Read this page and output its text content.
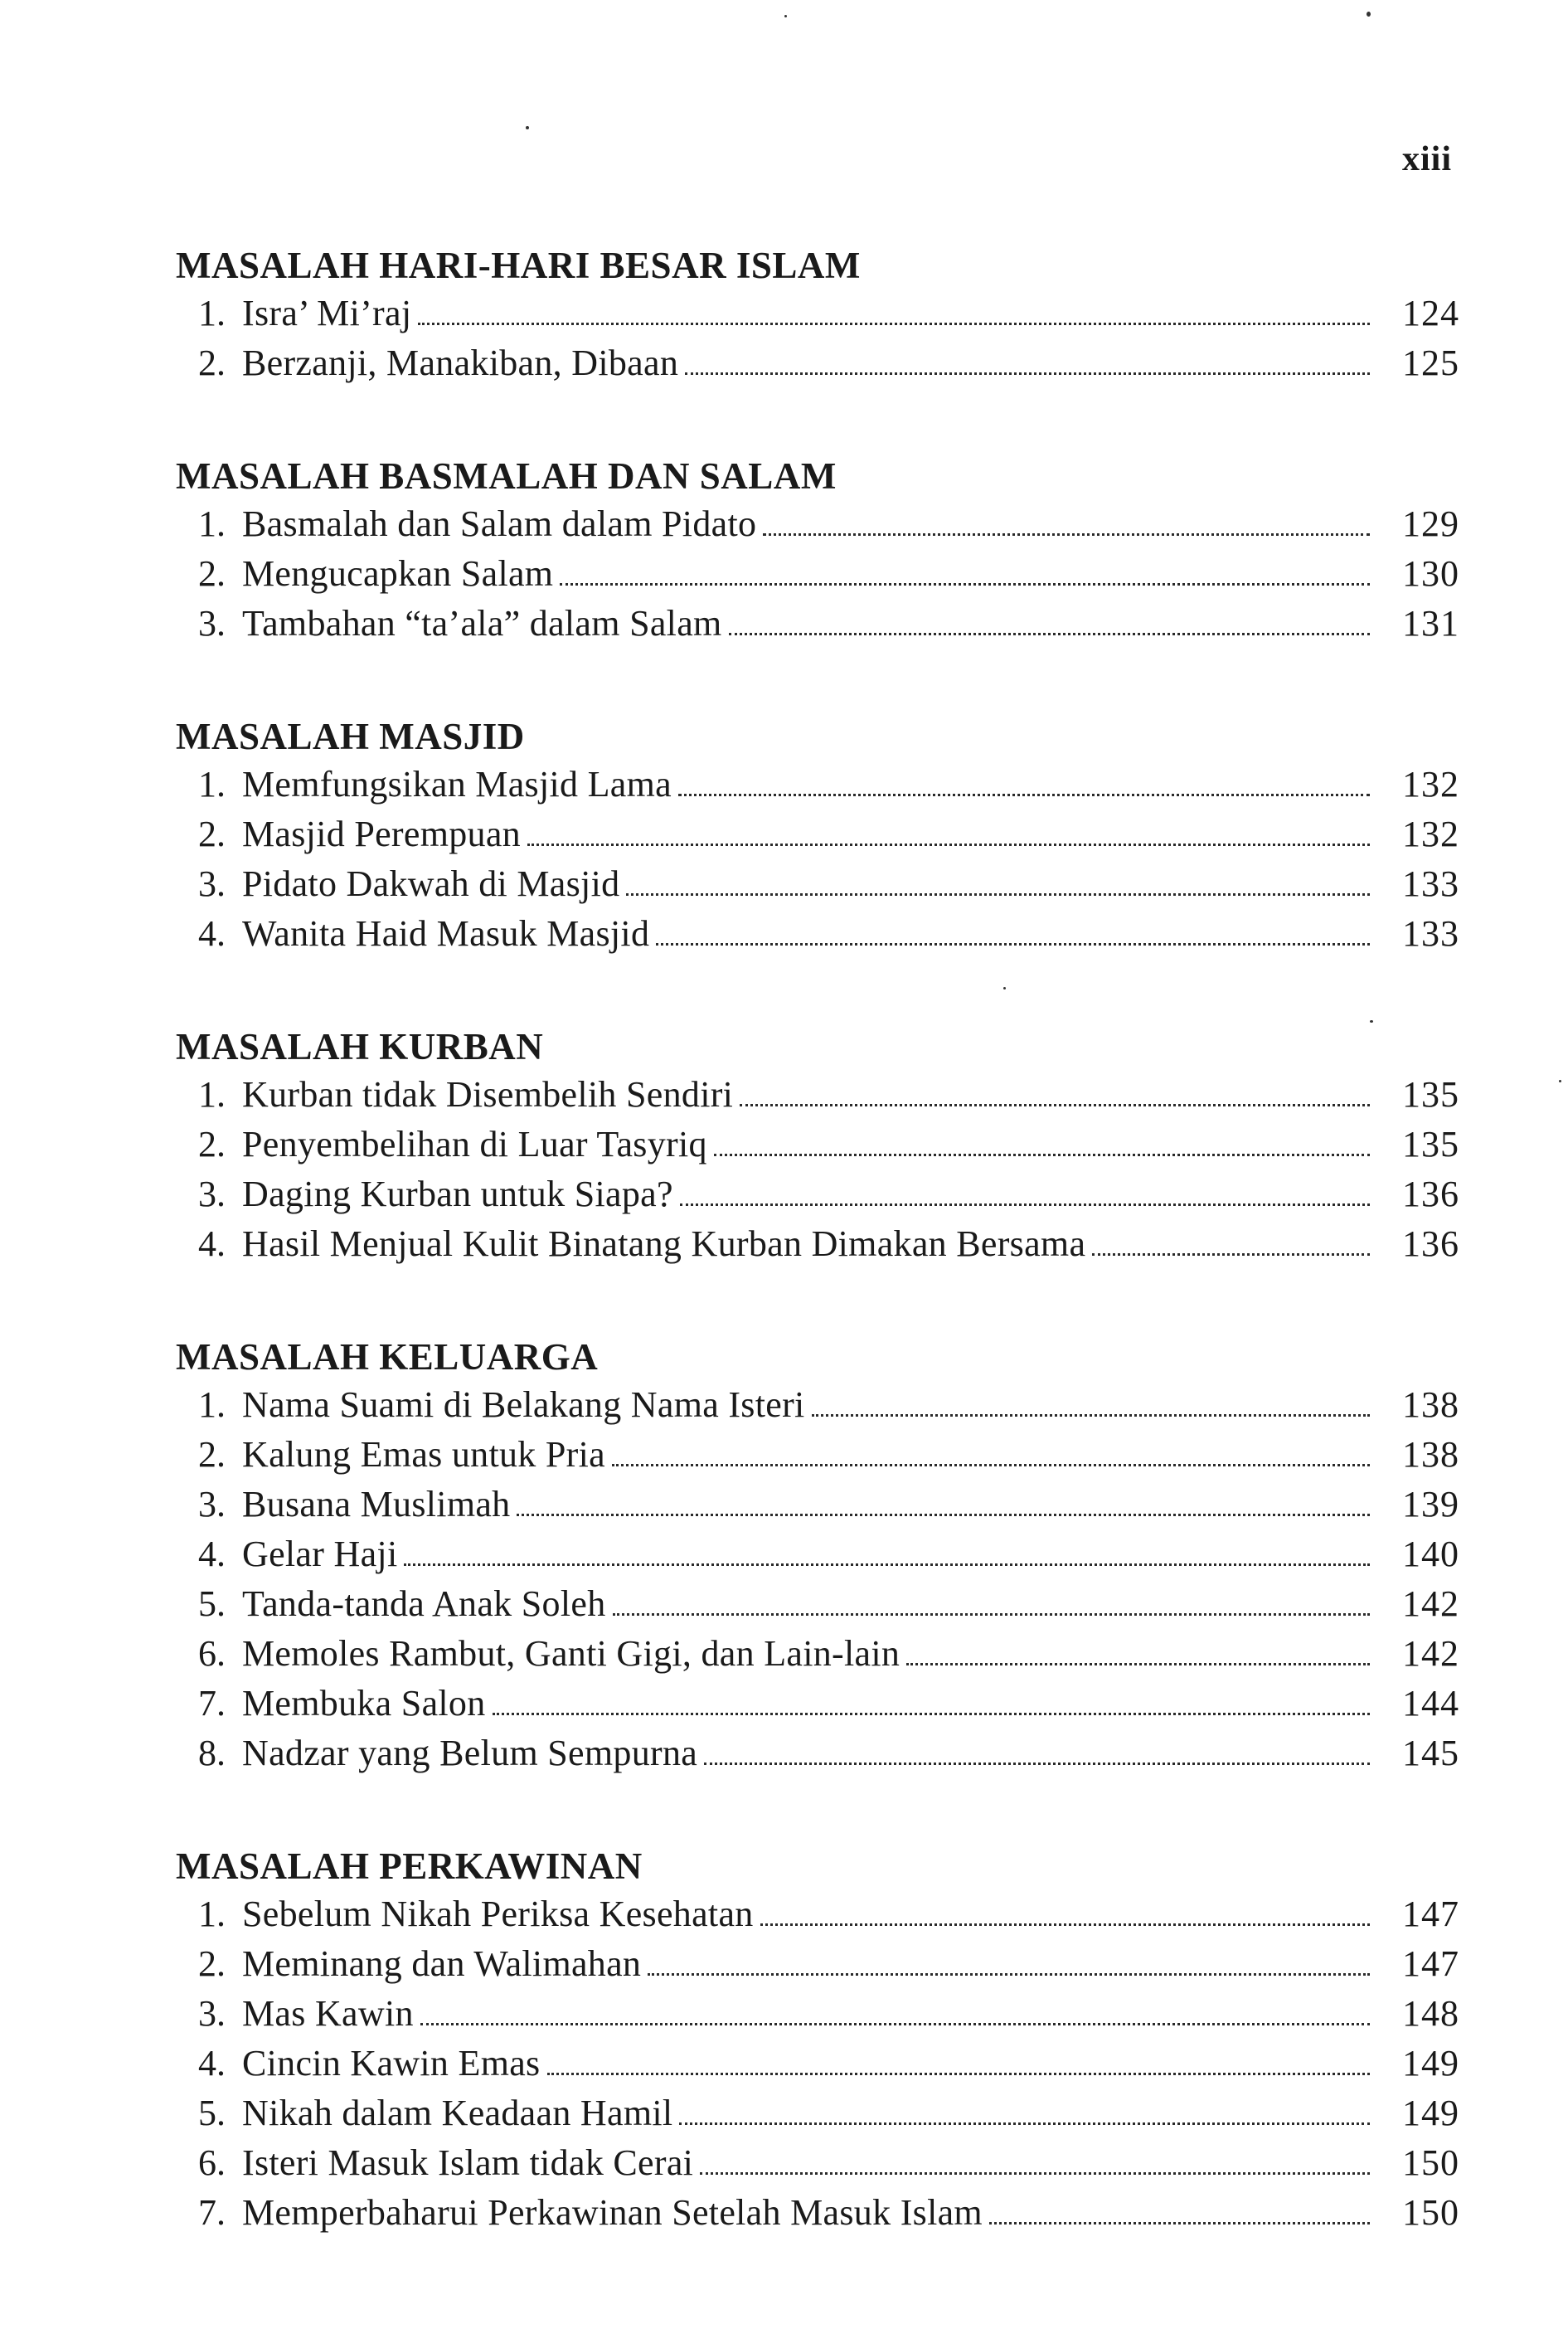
xiii
MASALAH HARI-HARI BESAR ISLAM
1. Isra’ Mi’raj	124
2. Berzanji, Manakiban, Dibaan	125
MASALAH BASMALAH DAN SALAM
1. Basmalah dan Salam dalam Pidato	129
2. Mengucapkan Salam	130
3. Tambahan “ta’ala” dalam Salam	131
MASALAH MASJID
1. Memfungsikan Masjid Lama	132
2. Masjid Perempuan	132
3. Pidato Dakwah di Masjid	133
4. Wanita Haid Masuk Masjid	133
MASALAH KURBAN
1. Kurban tidak Disembelih Sendiri	135
2. Penyembelihan di Luar Tasyriq	135
3. Daging Kurban untuk Siapa?	136
4. Hasil Menjual Kulit Binatang Kurban Dimakan Bersama	136
MASALAH KELUARGA
1. Nama Suami di Belakang Nama Isteri	138
2. Kalung Emas untuk Pria	138
3. Busana Muslimah	139
4. Gelar Haji	140
5. Tanda-tanda Anak Soleh	142
6. Memoles Rambut, Ganti Gigi, dan Lain-lain	142
7. Membuka Salon	144
8. Nadzar yang Belum Sempurna	145
MASALAH PERKAWINAN
1. Sebelum Nikah Periksa Kesehatan	147
2. Meminang dan Walimahan	147
3. Mas Kawin	148
4. Cincin Kawin Emas	149
5. Nikah dalam Keadaan Hamil	149
6. Isteri Masuk Islam tidak Cerai	150
7. Memperbaharui Perkawinan Setelah Masuk Islam	150
